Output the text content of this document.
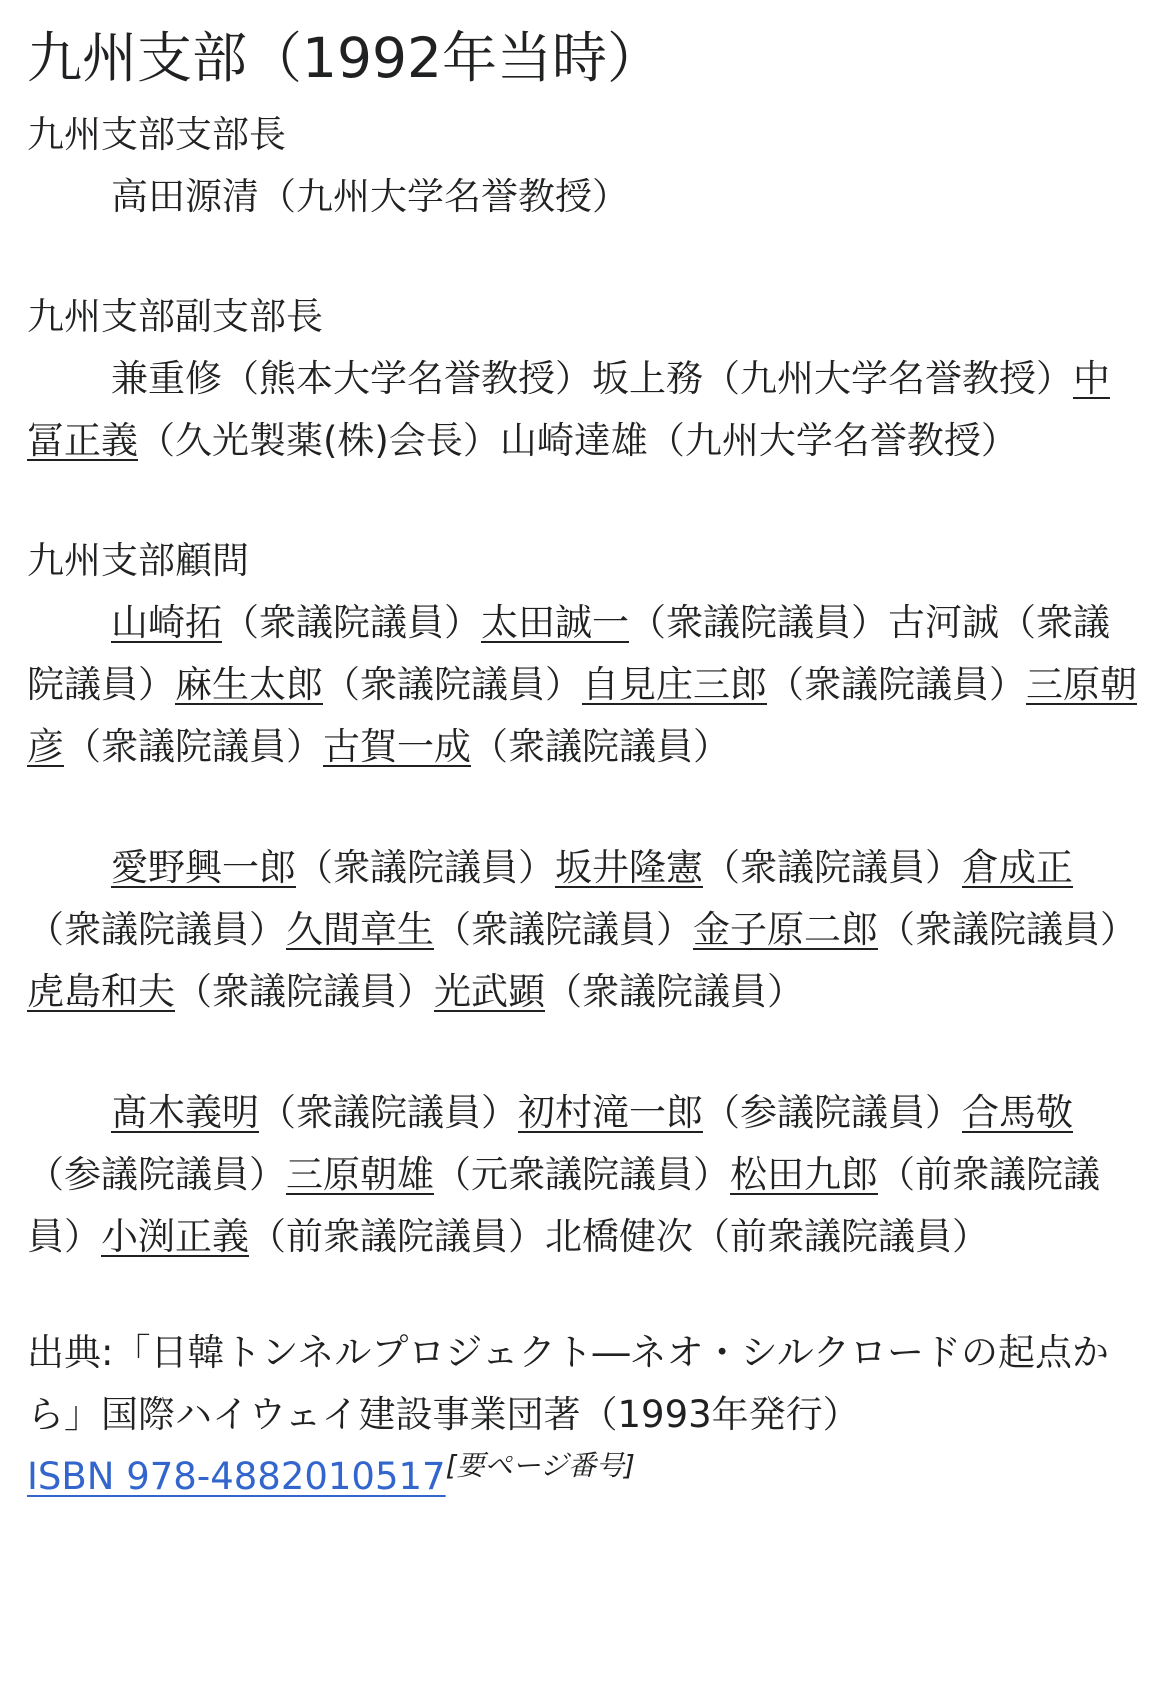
九州支部（1992年当時）
九州支部支部長
高田源清（九州大学名誉教授）
九州支部副支部長
兼重修（熊本大学名誉教授）坂上務（九州大学名誉教授）中冨正義（久光製薬(株)会長）山崎達雄（九州大学名誉教授）
九州支部顧問
山崎拓（衆議院議員）太田誠一（衆議院議員）古河誠（衆議院議員）麻生太郎（衆議院議員）自見庄三郎（衆議院議員）三原朝彦（衆議院議員）古賀一成（衆議院議員）
愛野興一郎（衆議院議員）坂井隆憲（衆議院議員）倉成正（衆議院議員）久間章生（衆議院議員）金子原二郎（衆議院議員）虎島和夫（衆議院議員）光武顕（衆議院議員）
髙木義明（衆議院議員）初村滝一郎（参議院議員）合馬敬（参議院議員）三原朝雄（元衆議院議員）松田九郎（前衆議院議員）小渕正義（前衆議院議員）北橋健次（前衆議院議員）
出典:「日韓トンネルプロジェクト―ネオ・シルクロードの起点から」国際ハイウェイ建設事業団著（1993年発行）
ISBN 978-4882010517[要ページ番号]
